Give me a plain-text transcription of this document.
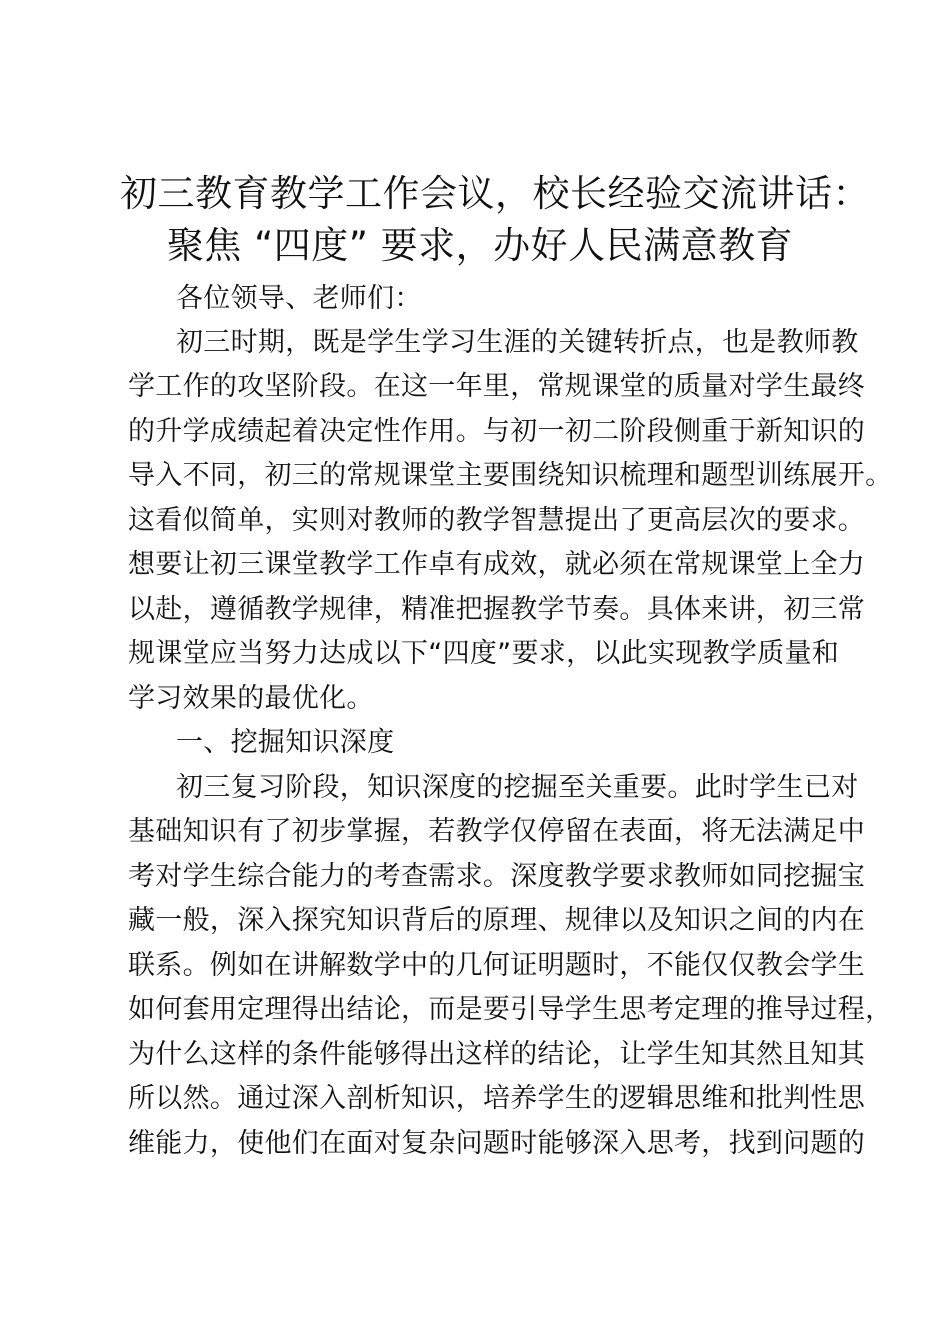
初三教育教学工作会议，校长经验交流讲话：
聚焦 “四度” 要求，办好人民满意教育
各位领导、老师们：
初三时期，既是学生学习生涯的关键转折点，也是教师教
学工作的攻坚阶段。在这一年里，常规课堂的质量对学生最终
的升学成绩起着决定性作用。与初一初二阶段侧重于新知识的
导入不同，初三的常规课堂主要围绕知识梳理和题型训练展开。
这看似简单，实则对教师的教学智慧提出了更高层次的要求。
想要让初三课堂教学工作卓有成效，就必须在常规课堂上全力
以赴，遵循教学规律，精准把握教学节奏。具体来讲，初三常
规课堂应当努力达成以下“四度”要求，以此实现教学质量和
学习效果的最优化。
一、挖掘知识深度
初三复习阶段，知识深度的挖掘至关重要。此时学生已对
基础知识有了初步掌握，若教学仅停留在表面，将无法满足中
考对学生综合能力的考查需求。深度教学要求教师如同挖掘宝
藏一般，深入探究知识背后的原理、规律以及知识之间的内在
联系。例如在讲解数学中的几何证明题时，不能仅仅教会学生
如何套用定理得出结论，而是要引导学生思考定理的推导过程，
为什么这样的条件能够得出这样的结论，让学生知其然且知其
所以然。通过深入剖析知识，培养学生的逻辑思维和批判性思
维能力，使他们在面对复杂问题时能够深入思考，找到问题的
